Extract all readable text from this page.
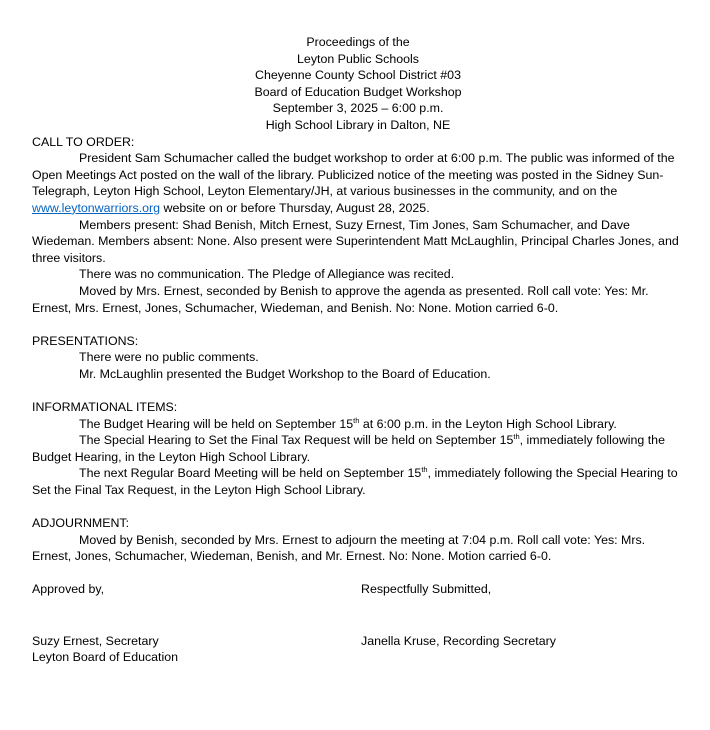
Proceedings of the
Leyton Public Schools
Cheyenne County School District #03
Board of Education Budget Workshop
September 3, 2025 – 6:00 p.m.
High School Library in Dalton, NE
CALL TO ORDER:
President Sam Schumacher called the budget workshop to order at 6:00 p.m. The public was informed of the Open Meetings Act posted on the wall of the library. Publicized notice of the meeting was posted in the Sidney Sun-Telegraph, Leyton High School, Leyton Elementary/JH, at various businesses in the community, and on the www.leytonwarriors.org website on or before Thursday, August 28, 2025.
Members present: Shad Benish, Mitch Ernest, Suzy Ernest, Tim Jones, Sam Schumacher, and Dave Wiedeman. Members absent: None. Also present were Superintendent Matt McLaughlin, Principal Charles Jones, and three visitors.
There was no communication. The Pledge of Allegiance was recited.
Moved by Mrs. Ernest, seconded by Benish to approve the agenda as presented. Roll call vote: Yes: Mr. Ernest, Mrs. Ernest, Jones, Schumacher, Wiedeman, and Benish. No: None. Motion carried 6-0.
PRESENTATIONS:
There were no public comments.
Mr. McLaughlin presented the Budget Workshop to the Board of Education.
INFORMATIONAL ITEMS:
The Budget Hearing will be held on September 15th at 6:00 p.m. in the Leyton High School Library.
The Special Hearing to Set the Final Tax Request will be held on September 15th, immediately following the Budget Hearing, in the Leyton High School Library.
The next Regular Board Meeting will be held on September 15th, immediately following the Special Hearing to Set the Final Tax Request, in the Leyton High School Library.
ADJOURNMENT:
Moved by Benish, seconded by Mrs. Ernest to adjourn the meeting at 7:04 p.m. Roll call vote: Yes: Mrs. Ernest, Jones, Schumacher, Wiedeman, Benish, and Mr. Ernest. No: None. Motion carried 6-0.
Approved by,	Respectfully Submitted,
Suzy Ernest, Secretary
Leyton Board of Education
Janella Kruse, Recording Secretary
